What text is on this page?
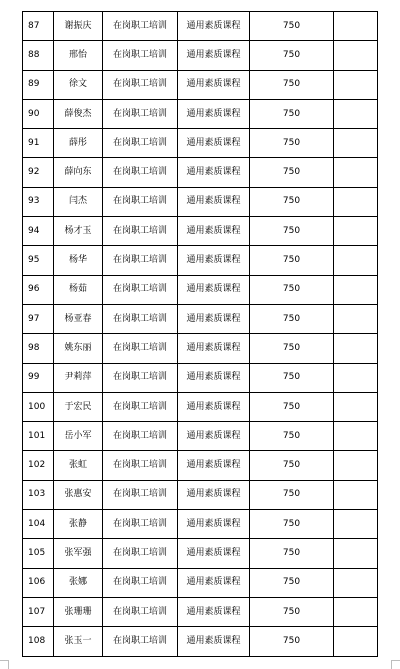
87	谢振庆	在岗职工培训	通用素质课程	750	
88	邢怡	在岗职工培训	通用素质课程	750	
89	徐文	在岗职工培训	通用素质课程	750	
90	薛俊杰	在岗职工培训	通用素质课程	750	
91	薛彤	在岗职工培训	通用素质课程	750	
92	薛向东	在岗职工培训	通用素质课程	750	
93	闫杰	在岗职工培训	通用素质课程	750	
94	杨才玉	在岗职工培训	通用素质课程	750	
95	杨华	在岗职工培训	通用素质课程	750	
96	杨茹	在岗职工培训	通用素质课程	750	
97	杨亚春	在岗职工培训	通用素质课程	750	
98	姚东丽	在岗职工培训	通用素质课程	750	
99	尹莉萍	在岗职工培训	通用素质课程	750	
100	于宏民	在岗职工培训	通用素质课程	750	
101	岳小军	在岗职工培训	通用素质课程	750	
102	张虹	在岗职工培训	通用素质课程	750	
103	张惠安	在岗职工培训	通用素质课程	750	
104	张静	在岗职工培训	通用素质课程	750	
105	张军强	在岗职工培训	通用素质课程	750	
106	张娜	在岗职工培训	通用素质课程	750	
107	张珊珊	在岗职工培训	通用素质课程	750	
108	张玉一	在岗职工培训	通用素质课程	750	
